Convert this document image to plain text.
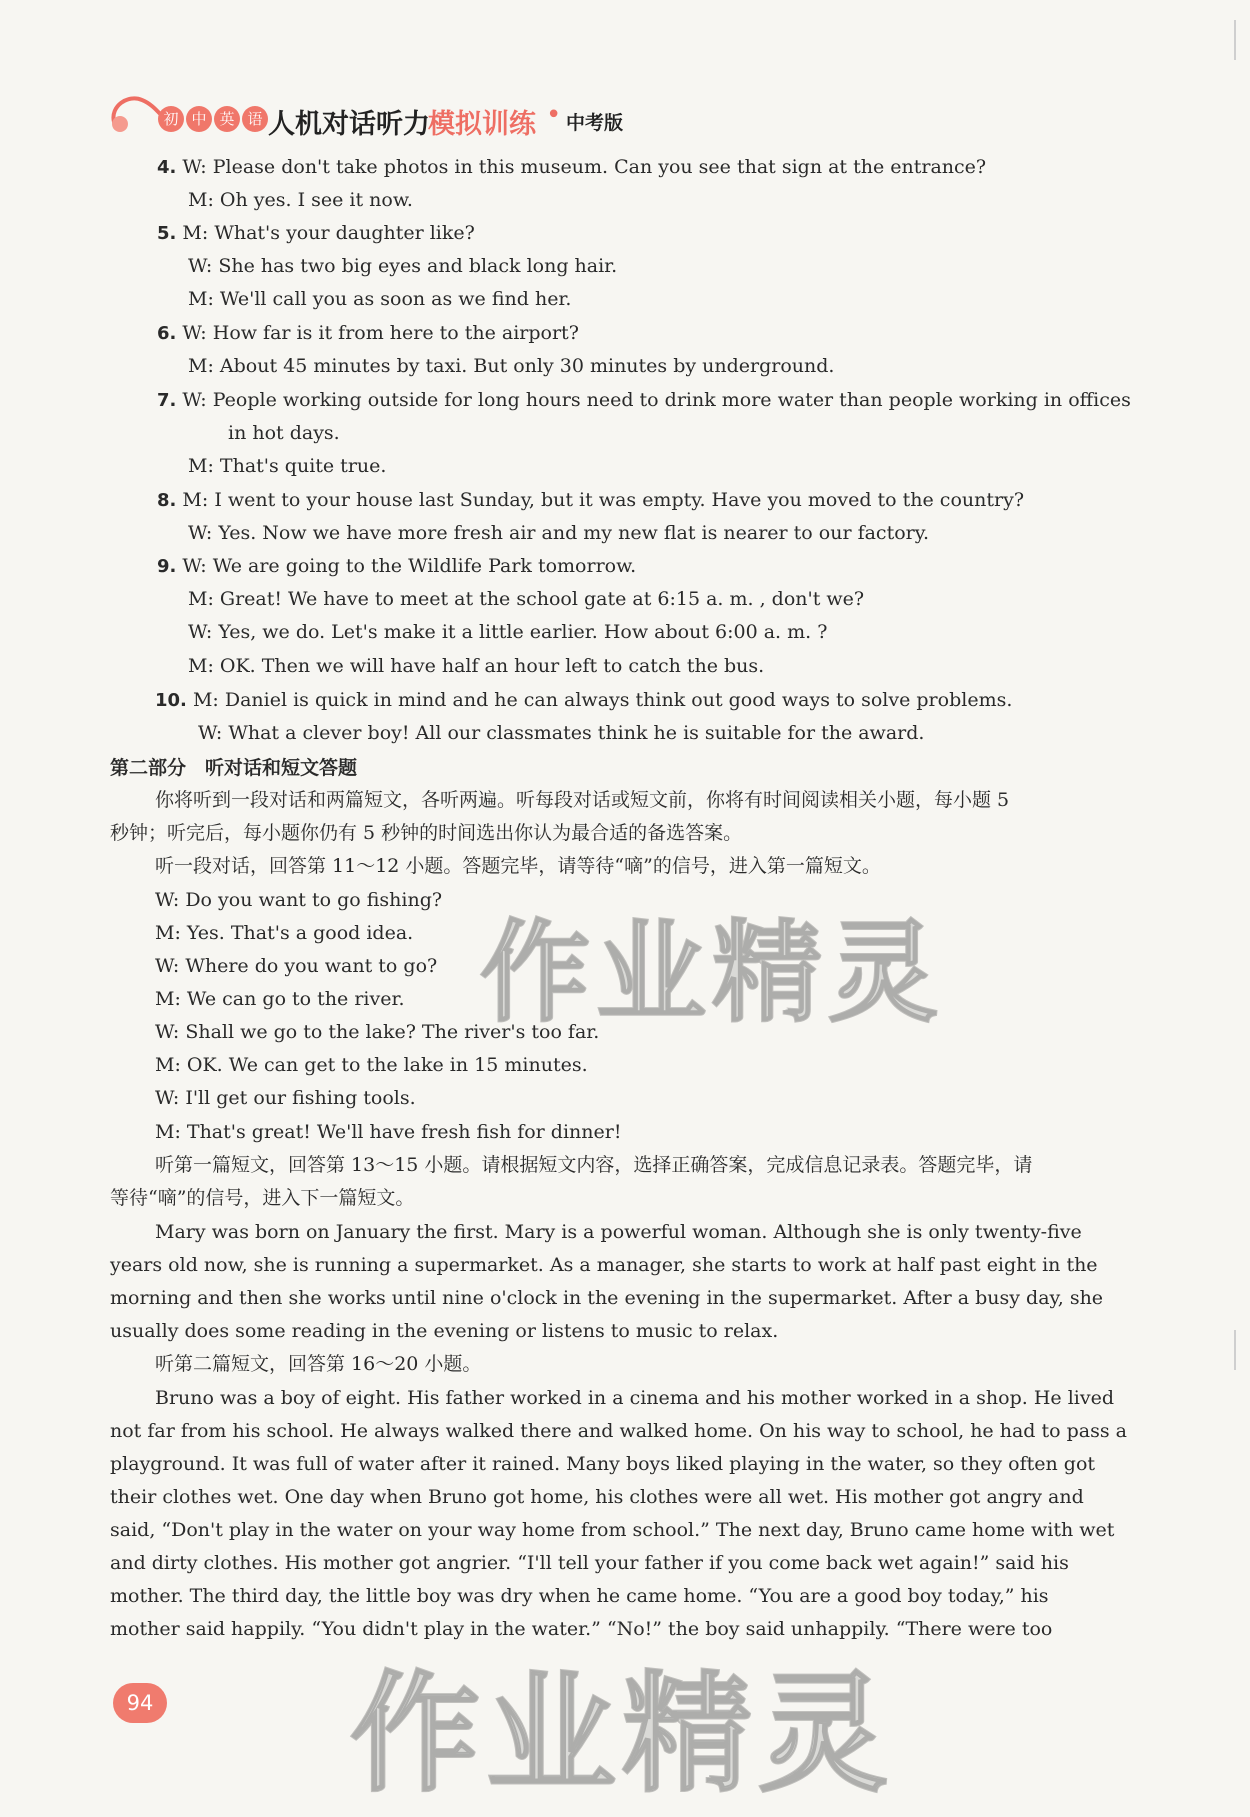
初 中 英 语 人机对话听力
模拟训练 • 中考版
4. W: Please don't take photos in this museum. Can you see that sign at the entrance?
M: Oh yes. I see it now.
5. M: What's your daughter like?
W: She has two big eyes and black long hair.
M: We'll call you as soon as we find her.
6. W: How far is it from here to the airport?
M: About 45 minutes by taxi. But only 30 minutes by underground.
7. W: People working outside for long hours need to drink more water than people working in offices
in hot days.
M: That's quite true.
8. M: I went to your house last Sunday, but it was empty. Have you moved to the country?
W: Yes. Now we have more fresh air and my new flat is nearer to our factory.
9. W: We are going to the Wildlife Park tomorrow.
M: Great! We have to meet at the school gate at 6:15 a. m. , don't we?
W: Yes, we do. Let's make it a little earlier. How about 6:00 a. m. ?
M: OK. Then we will have half an hour left to catch the bus.
10. M: Daniel is quick in mind and he can always think out good ways to solve problems.
W: What a clever boy! All our classmates think he is suitable for the award.
第二部分　听对话和短文答题
你将听到一段对话和两篇短文，各听两遍。听每段对话或短文前，你将有时间阅读相关小题，每小题 5
秒钟；听完后，每小题你仍有 5 秒钟的时间选出你认为最合适的备选答案。
听一段对话，回答第 11～12 小题。答题完毕，请等待“嘀”的信号，进入第一篇短文。
W: Do you want to go fishing?
M: Yes. That's a good idea.
W: Where do you want to go?
M: We can go to the river.
W: Shall we go to the lake? The river's too far.
M: OK. We can get to the lake in 15 minutes.
W: I'll get our fishing tools.
M: That's great! We'll have fresh fish for dinner!
听第一篇短文，回答第 13～15 小题。请根据短文内容，选择正确答案，完成信息记录表。答题完毕，请
等待“嘀”的信号，进入下一篇短文。
Mary was born on January the first. Mary is a powerful woman. Although she is only twenty-five
years old now, she is running a supermarket. As a manager, she starts to work at half past eight in the
morning and then she works until nine o'clock in the evening in the supermarket. After a busy day, she
usually does some reading in the evening or listens to music to relax.
听第二篇短文，回答第 16～20 小题。
Bruno was a boy of eight. His father worked in a cinema and his mother worked in a shop. He lived
not far from his school. He always walked there and walked home. On his way to school, he had to pass a
playground. It was full of water after it rained. Many boys liked playing in the water, so they often got
their clothes wet. One day when Bruno got home, his clothes were all wet. His mother got angry and
said, “Don't play in the water on your way home from school.” The next day, Bruno came home with wet
and dirty clothes. His mother got angrier. “I'll tell your father if you come back wet again!” said his
mother. The third day, the little boy was dry when he came home. “You are a good boy today,” his
mother said happily. “You didn't play in the water.” “No!” the boy said unhappily. “There were too
作业精灵
作业精灵
94
